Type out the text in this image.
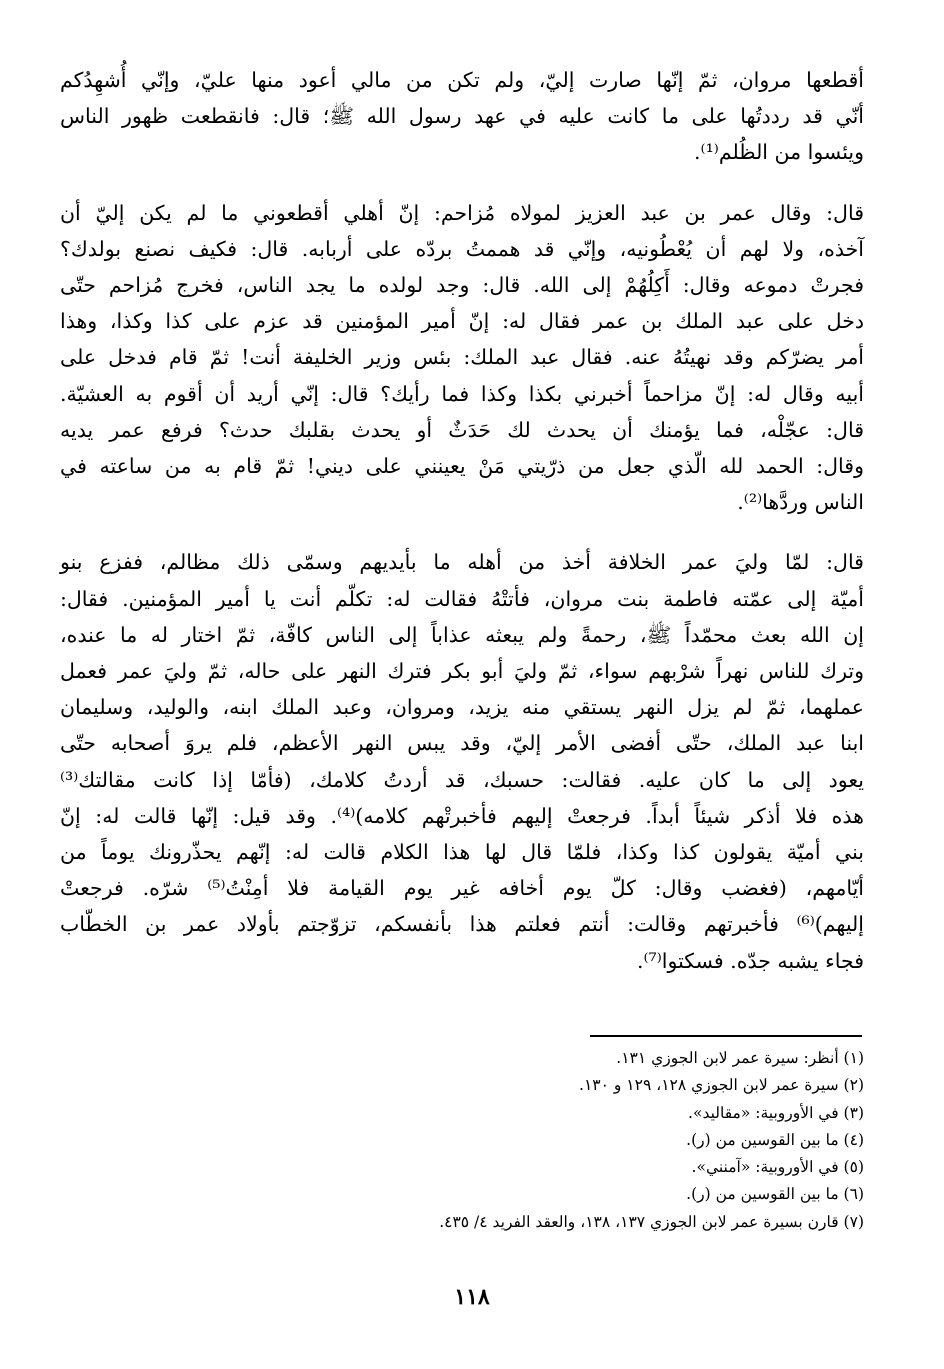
أقطعها مروان، ثمّ إنّها صارت إليّ، ولم تكن من مالي أعود منها عليّ، وإنّي أُشهِدُكم
أنّي قد رددتُها على ما كانت عليه في عهد رسول الله ﷺ؛ قال: فانقطعت ظهور الناس
ويئسوا من الظُلم⁽¹⁾.

قال: وقال عمر بن عبد العزيز لمولاه مُزاحم: إنّ أهلي أقطعوني ما لم يكن إليّ أن
آخذه، ولا لهم أن يُعْطُونيه، وإنّي قد هممتُ بردّه على أربابه. قال: فكيف نصنع بولدك؟
فجرتْ دموعه وقال: أَكِلُهُمْ إلى الله. قال: وجد لولده ما يجد الناس، فخرج مُزاحم حتّى
دخل على عبد الملك بن عمر فقال له: إنّ أمير المؤمنين قد عزم على كذا وكذا، وهذا
أمر يضرّكم وقد نهيتُهُ عنه. فقال عبد الملك: بئس وزير الخليفة أنت! ثمّ قام فدخل على
أبيه وقال له: إنّ مزاحماً أخبرني بكذا وكذا فما رأيك؟ قال: إنّي أريد أن أقوم به العشيّة.
قال: عجّلْه، فما يؤمنك أن يحدث لك حَدَثٌ أو يحدث بقلبك حدث؟ فرفع عمر يديه
وقال: الحمد لله الّذي جعل من ذرّيتي مَنْ يعينني على ديني! ثمّ قام به من ساعته في
الناس وردَّها⁽²⁾.

قال: لمّا وليَ عمر الخلافة أخذ من أهله ما بأيديهم وسمّى ذلك مظالم، ففزع بنو
أميّة إلى عمّته فاطمة بنت مروان، فأتتْهُ فقالت له: تكلّم أنت يا أمير المؤمنين. فقال:
إن الله بعث محمّداً ﷺ، رحمةً ولم يبعثه عذاباً إلى الناس كافّة، ثمّ اختار له ما عنده،
وترك للناس نهراً شرْبهم سواء، ثمّ وليَ أبو بكر فترك النهر على حاله، ثمّ وليَ عمر فعمل
عملهما، ثمّ لم يزل النهر يستقي منه يزيد، ومروان، وعبد الملك ابنه، والوليد، وسليمان
ابنا عبد الملك، حتّى أفضى الأمر إليّ، وقد يبس النهر الأعظم، فلم يروَ أصحابه حتّى
يعود إلى ما كان عليه. فقالت: حسبك، قد أردتُ كلامك، (فأمّا إذا كانت مقالتك⁽³⁾
هذه فلا أذكر شيئاً أبداً. فرجعتْ إليهم فأخبرتْهم كلامه)⁽⁴⁾. وقد قيل: إنّها قالت له: إنّ
بني أميّة يقولون كذا وكذا، فلمّا قال لها هذا الكلام قالت له: إنّهم يحذّرونك يوماً من
أيّامهم، (فغضب وقال: كلّ يوم أخافه غير يوم القيامة فلا أمِنْتُ⁽⁵⁾ شرّه. فرجعتْ
إليهم)⁽⁶⁾ فأخبرتهم وقالت: أنتم فعلتم هذا بأنفسكم، تزوّجتم بأولاد عمر بن الخطّاب
فجاء يشبه جدّه. فسكتوا⁽⁷⁾.

(١) أنظر: سيرة عمر لابن الجوزي ١٣١.
(٢) سيرة عمر لابن الجوزي ١٢٨، ١٢٩ و ١٣٠.
(٣) في الأوروبية: «مقاليد».
(٤) ما بين القوسين من (ر).
(٥) في الأوروبية: «آمنني».
(٦) ما بين القوسين من (ر).
(٧) قارن بسيرة عمر لابن الجوزي ١٣٧، ١٣٨، والعقد الفريد ٤/ ٤٣٥.
١١٨
